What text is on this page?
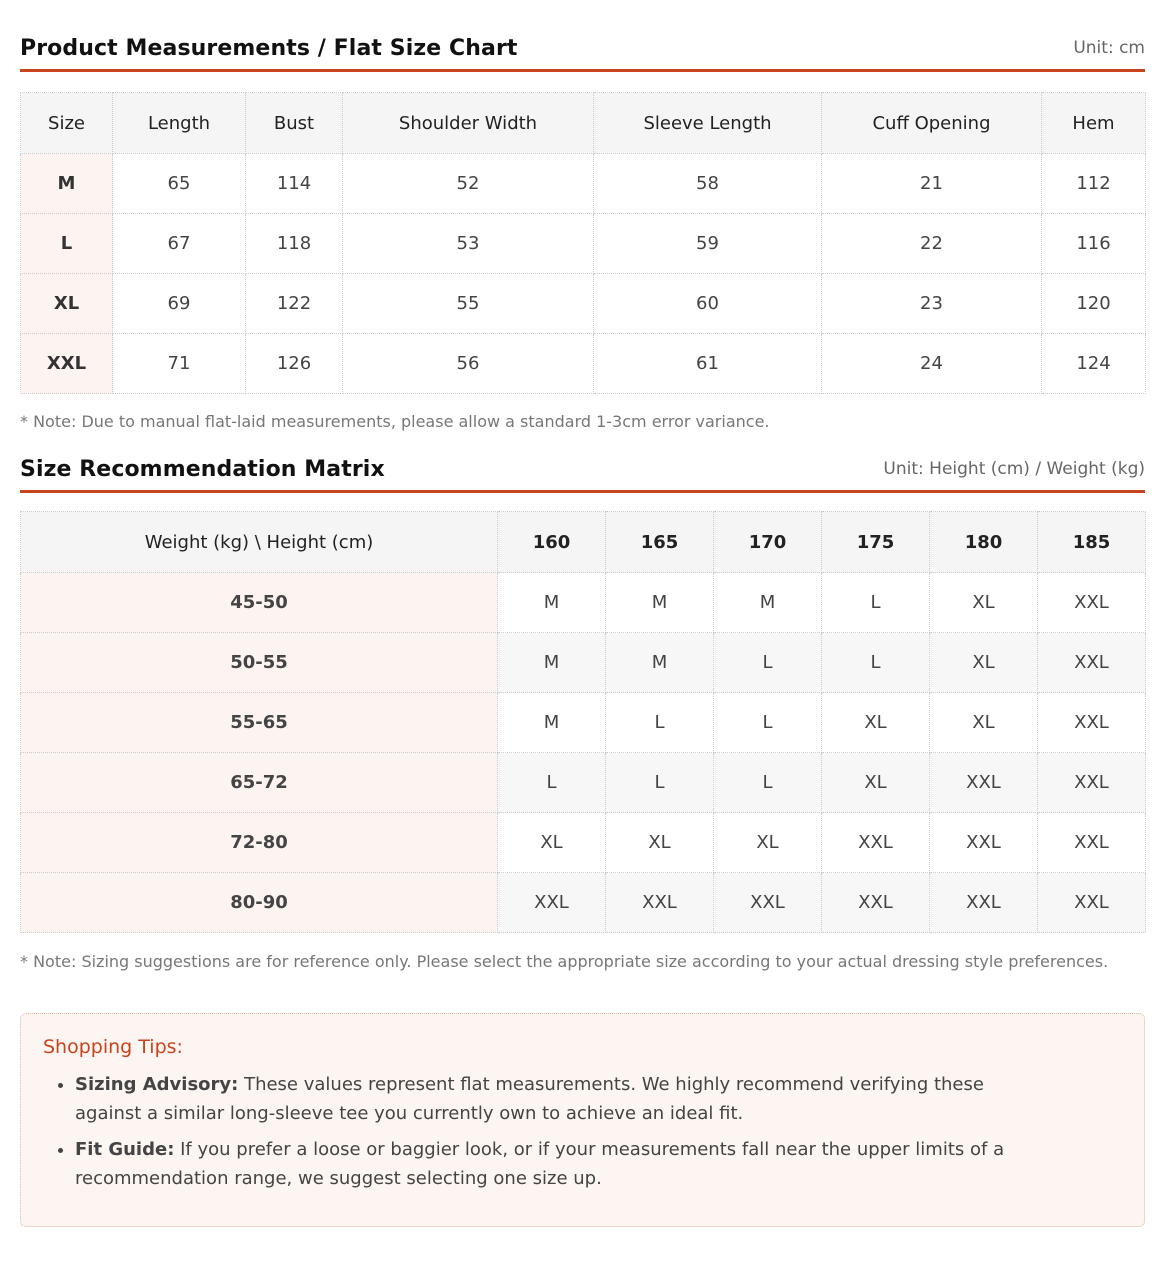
Product Measurements / Flat Size Chart	Unit: cm
Size	Length	Bust	Shoulder Width	Sleeve Length	Cuff Opening	Hem
M	65	114	52	58	21	112
L	67	118	53	59	22	116
XL	69	122	55	60	23	120
XXL	71	126	56	61	24	124
* Note: Due to manual flat-laid measurements, please allow a standard 1-3cm error variance.
Size Recommendation Matrix	Unit: Height (cm) / Weight (kg)
Weight (kg) \ Height (cm)	160	165	170	175	180	185
45-50	M	M	M	L	XL	XXL
50-55	M	M	L	L	XL	XXL
55-65	M	L	L	XL	XL	XXL
65-72	L	L	L	XL	XXL	XXL
72-80	XL	XL	XL	XXL	XXL	XXL
80-90	XXL	XXL	XXL	XXL	XXL	XXL
* Note: Sizing suggestions are for reference only. Please select the appropriate size according to your actual dressing style preferences.
Shopping Tips:
• Sizing Advisory: These values represent flat measurements. We highly recommend verifying these against a similar long-sleeve tee you currently own to achieve an ideal fit.
• Fit Guide: If you prefer a loose or baggier look, or if your measurements fall near the upper limits of a recommendation range, we suggest selecting one size up.
